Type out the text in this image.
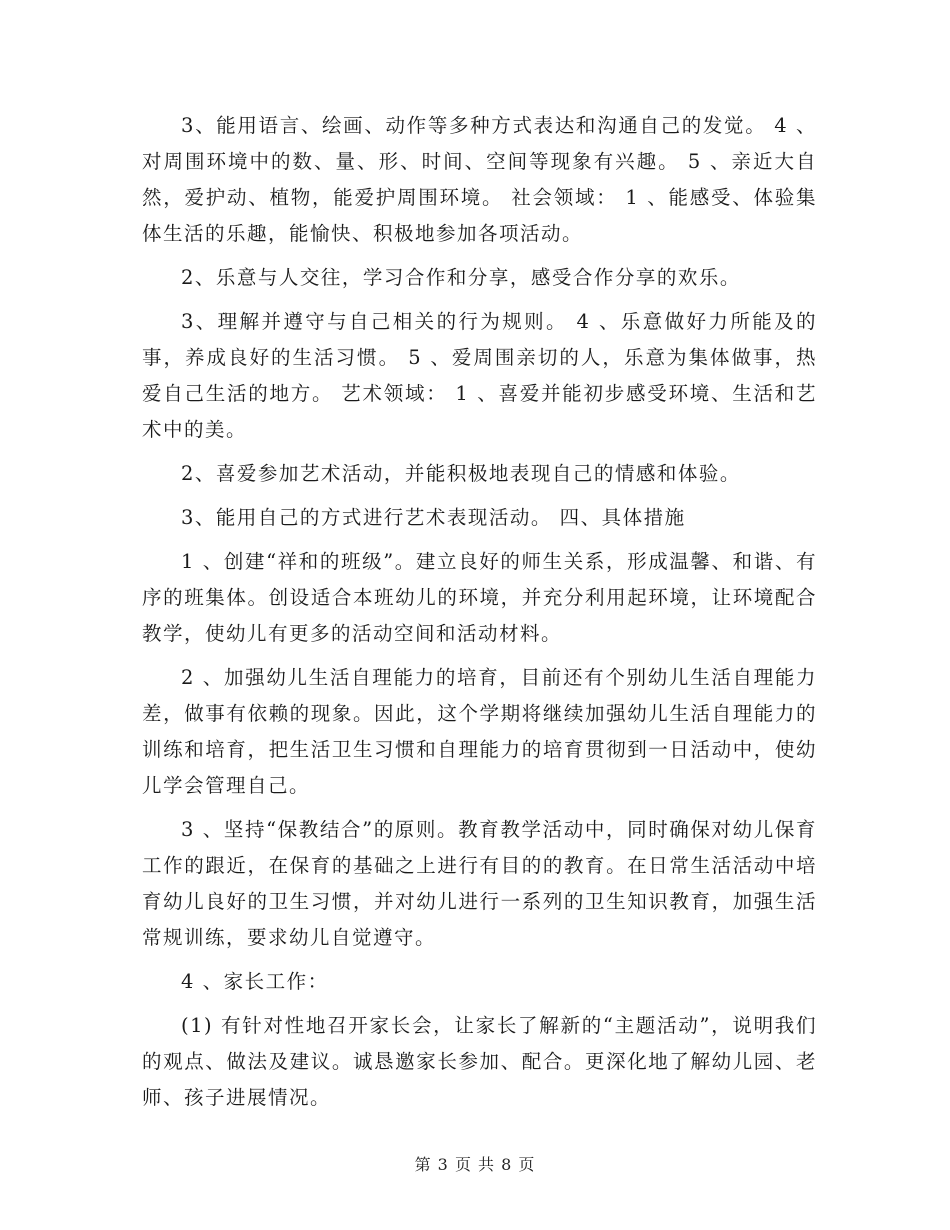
3、能用语言、绘画、动作等多种方式表达和沟通自己的发觉。 4 、对周围环境中的数、量、形、时间、空间等现象有兴趣。 5 、亲近大自然，爱护动、植物，能爱护周围环境。 社会领域： 1 、能感受、体验集体生活的乐趣，能愉快、积极地参加各项活动。

2、乐意与人交往，学习合作和分享，感受合作分享的欢乐。

3、理解并遵守与自己相关的行为规则。 4 、乐意做好力所能及的事，养成良好的生活习惯。 5 、爱周围亲切的人，乐意为集体做事，热爱自己生活的地方。 艺术领域： 1 、喜爱并能初步感受环境、生活和艺术中的美。

2、喜爱参加艺术活动，并能积极地表现自己的情感和体验。

3、能用自己的方式进行艺术表现活动。 四、具体措施

1 、创建“祥和的班级”。建立良好的师生关系，形成温馨、和谐、有序的班集体。创设适合本班幼儿的环境，并充分利用起环境，让环境配合教学，使幼儿有更多的活动空间和活动材料。

2 、加强幼儿生活自理能力的培育，目前还有个别幼儿生活自理能力差，做事有依赖的现象。因此，这个学期将继续加强幼儿生活自理能力的训练和培育，把生活卫生习惯和自理能力的培育贯彻到一日活动中，使幼儿学会管理自己。

3 、坚持“保教结合”的原则。教育教学活动中，同时确保对幼儿保育工作的跟近，在保育的基础之上进行有目的的教育。在日常生活活动中培育幼儿良好的卫生习惯，并对幼儿进行一系列的卫生知识教育，加强生活常规训练，要求幼儿自觉遵守。

4 、家长工作：

(1) 有针对性地召开家长会，让家长了解新的“主题活动”，说明我们的观点、做法及建议。诚恳邀家长参加、配合。更深化地了解幼儿园、老师、孩子进展情况。

第 3 页 共 8 页
